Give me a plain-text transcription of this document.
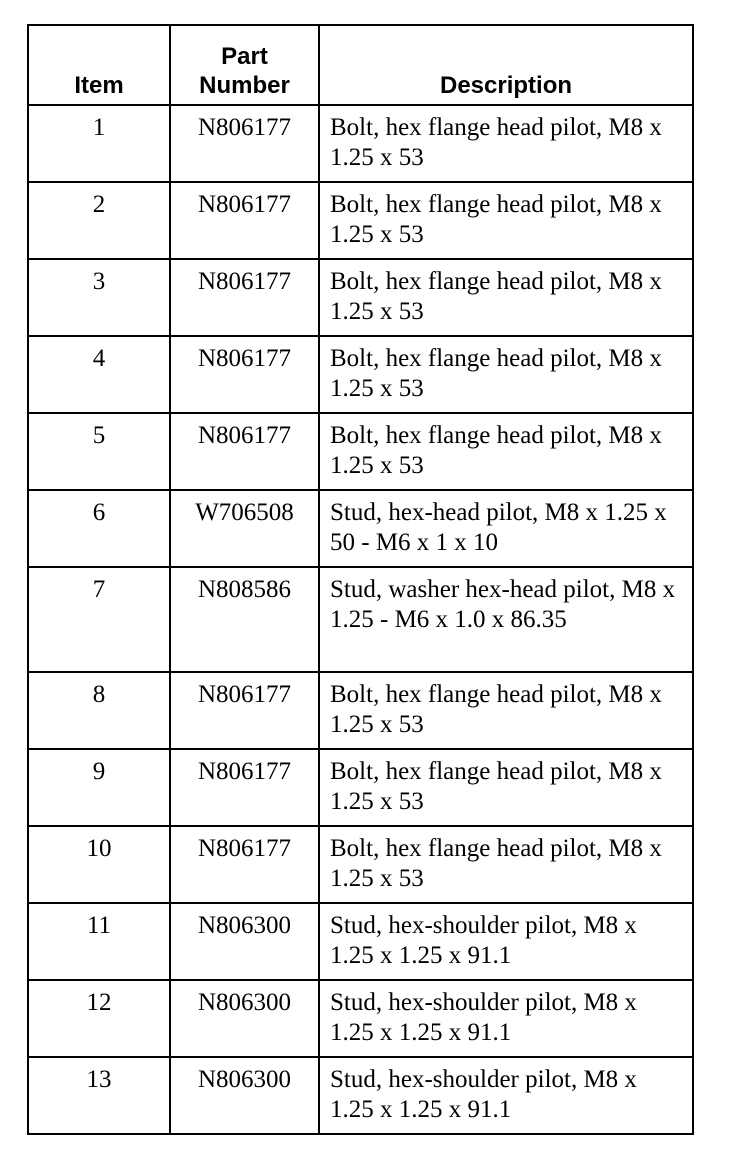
Item	Part Number	Description
1	N806177	Bolt, hex flange head pilot, M8 x 1.25 x 53
2	N806177	Bolt, hex flange head pilot, M8 x 1.25 x 53
3	N806177	Bolt, hex flange head pilot, M8 x 1.25 x 53
4	N806177	Bolt, hex flange head pilot, M8 x 1.25 x 53
5	N806177	Bolt, hex flange head pilot, M8 x 1.25 x 53
6	W706508	Stud, hex-head pilot, M8 x 1.25 x 50 - M6 x 1 x 10
7	N808586	Stud, washer hex-head pilot, M8 x 1.25 - M6 x 1.0 x 86.35
8	N806177	Bolt, hex flange head pilot, M8 x 1.25 x 53
9	N806177	Bolt, hex flange head pilot, M8 x 1.25 x 53
10	N806177	Bolt, hex flange head pilot, M8 x 1.25 x 53
11	N806300	Stud, hex-shoulder pilot, M8 x 1.25 x 1.25 x 91.1
12	N806300	Stud, hex-shoulder pilot, M8 x 1.25 x 1.25 x 91.1
13	N806300	Stud, hex-shoulder pilot, M8 x 1.25 x 1.25 x 91.1
